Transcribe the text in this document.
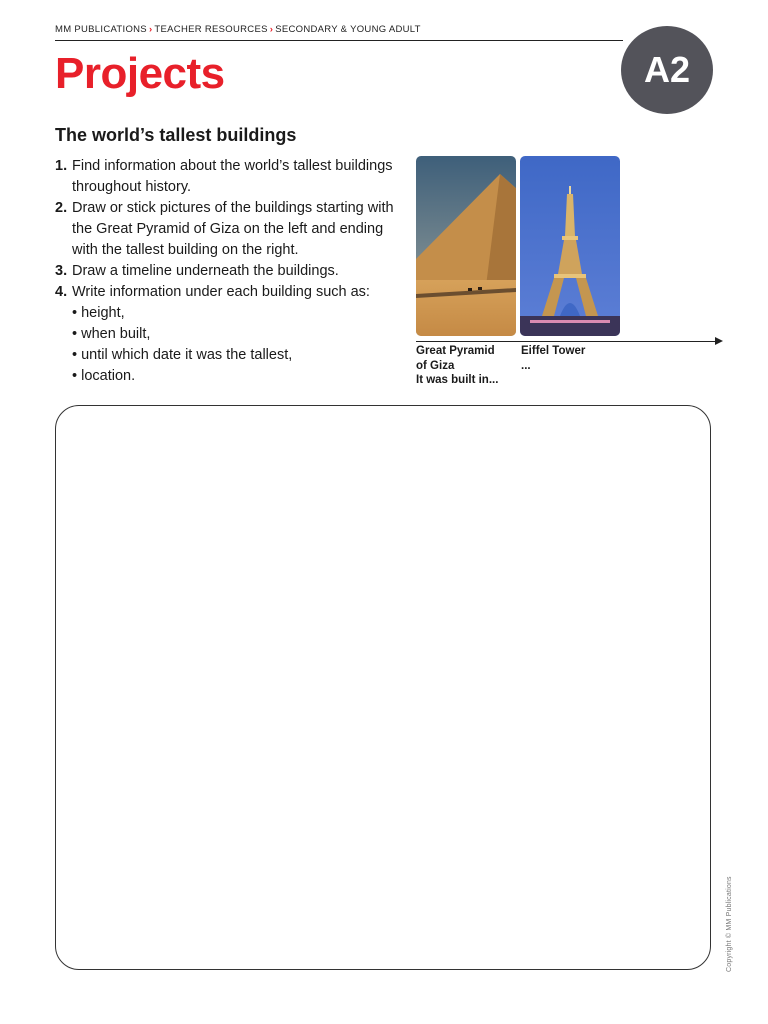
MM PUBLICATIONS › TEACHER RESOURCES › SECONDARY & YOUNG ADULT
Projects	A2
The world’s tallest buildings
1. Find information about the world’s tallest buildings throughout history.
2. Draw or stick pictures of the buildings starting with the Great Pyramid of Giza on the left and ending with the tallest building on the right.
3. Draw a timeline underneath the buildings.
4. Write information under each building such as:
• height,
• when built,
• until which date it was the tallest,
• location.
Great Pyramid
of Giza
It was built in...
Eiffel Tower
...
Copyright © MM Publications
